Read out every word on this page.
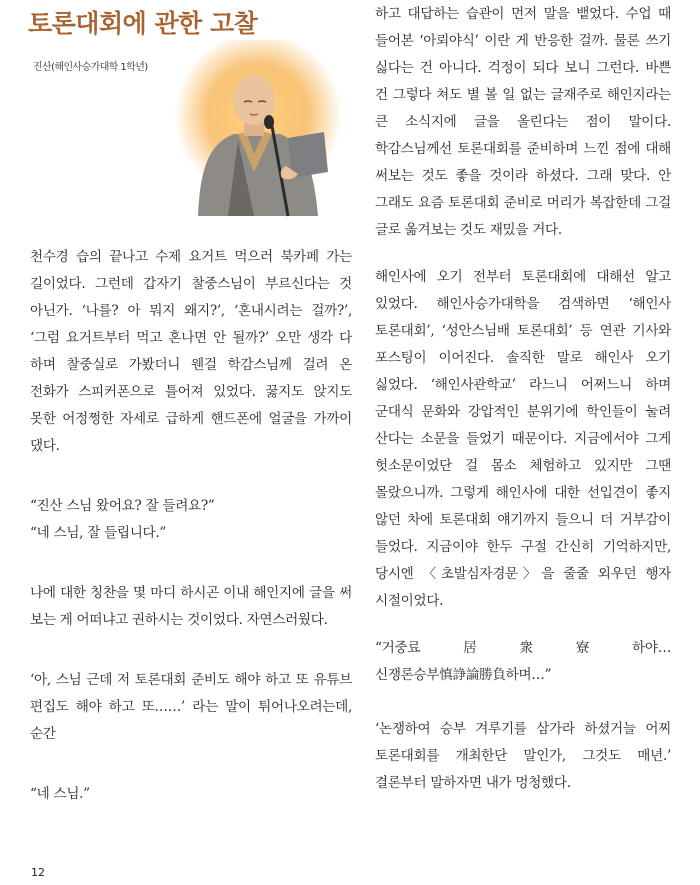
토론대회에 관한 고찰
진산(해인사승가대학 1학년)

천수경 습의 끝나고 수제 요거트 먹으러 북카페 가는 길이었다. 그런데 갑자기 찰중스님이 부르신다는 것 아닌가. ‘나를? 아 뭐지 왜지?’, ‘혼내시려는 걸까?’, ‘그럼 요거트부터 먹고 혼나면 안 될까?’ 오만 생각 다 하며 찰중실로 가봤더니 웬걸 학감스님께 걸려 온 전화가 스피커폰으로 틀어져 있었다. 꿇지도 앉지도 못한 어정쩡한 자세로 급하게 핸드폰에 얼굴을 가까이 댔다.

“진산 스님 왔어요? 잘 들려요?”

“네 스님, 잘 들립니다.”

나에 대한 칭찬을 몇 마디 하시곤 이내 해인지에 글을 써 보는 게 어떠냐고 권하시는 것이었다. 자연스러웠다.

‘아, 스님 근데 저 토론대회 준비도 해야 하고 또 유튜브 편집도 해야 하고 또……’ 라는 말이 튀어나오려는데, 순간

“네 스님.”

하고 대답하는 습관이 먼저 말을 뱉었다. 수업 때 들어본 ‘아뢰야식’ 이란 게 반응한 걸까. 물론 쓰기 싫다는 건 아니다. 걱정이 되다 보니 그런다. 바쁜 건 그렇다 쳐도 별 볼 일 없는 글재주로 해인지라는 큰 소식지에 글을 올린다는 점이 말이다. 학감스님께선 토론대회를 준비하며 느낀 점에 대해 써보는 것도 좋을 것이라 하셨다. 그래 맞다. 안 그래도 요즘 토론대회 준비로 머리가 복잡한데 그걸 글로 옮겨보는 것도 재밌을 거다.

해인사에 오기 전부터 토론대회에 대해선 알고 있었다. 해인사승가대학을 검색하면 ‘해인사 토론대회’, ‘성안스님배 토론대회’ 등 연관 기사와 포스팅이 이어진다. 솔직한 말로 해인사 오기 싫었다. ‘해인사관학교’ 라느니 어쩌느니 하며 군대식 문화와 강압적인 분위기에 학인들이 눌려 산다는 소문을 들었기 때문이다. 지금에서야 그게 헛소문이었단 걸 몸소 체험하고 있지만 그땐 몰랐으니까. 그렇게 해인사에 대한 선입견이 좋지 않던 차에 토론대회 얘기까지 들으니 더 거부감이 들었다. 지금이야 한두 구절 간신히 기억하지만, 당시엔 〈초발심자경문〉을 줄줄 외우던 행자 시절이었다.

“거중료居衆寮하야… 신쟁론승부慎諍論勝負하며…”

‘논쟁하여 승부 겨루기를 삼가라 하셨거늘 어찌 토론대회를 개최한단 말인가, 그것도 매년.’ 결론부터 말하자면 내가 멍청했다.

12
